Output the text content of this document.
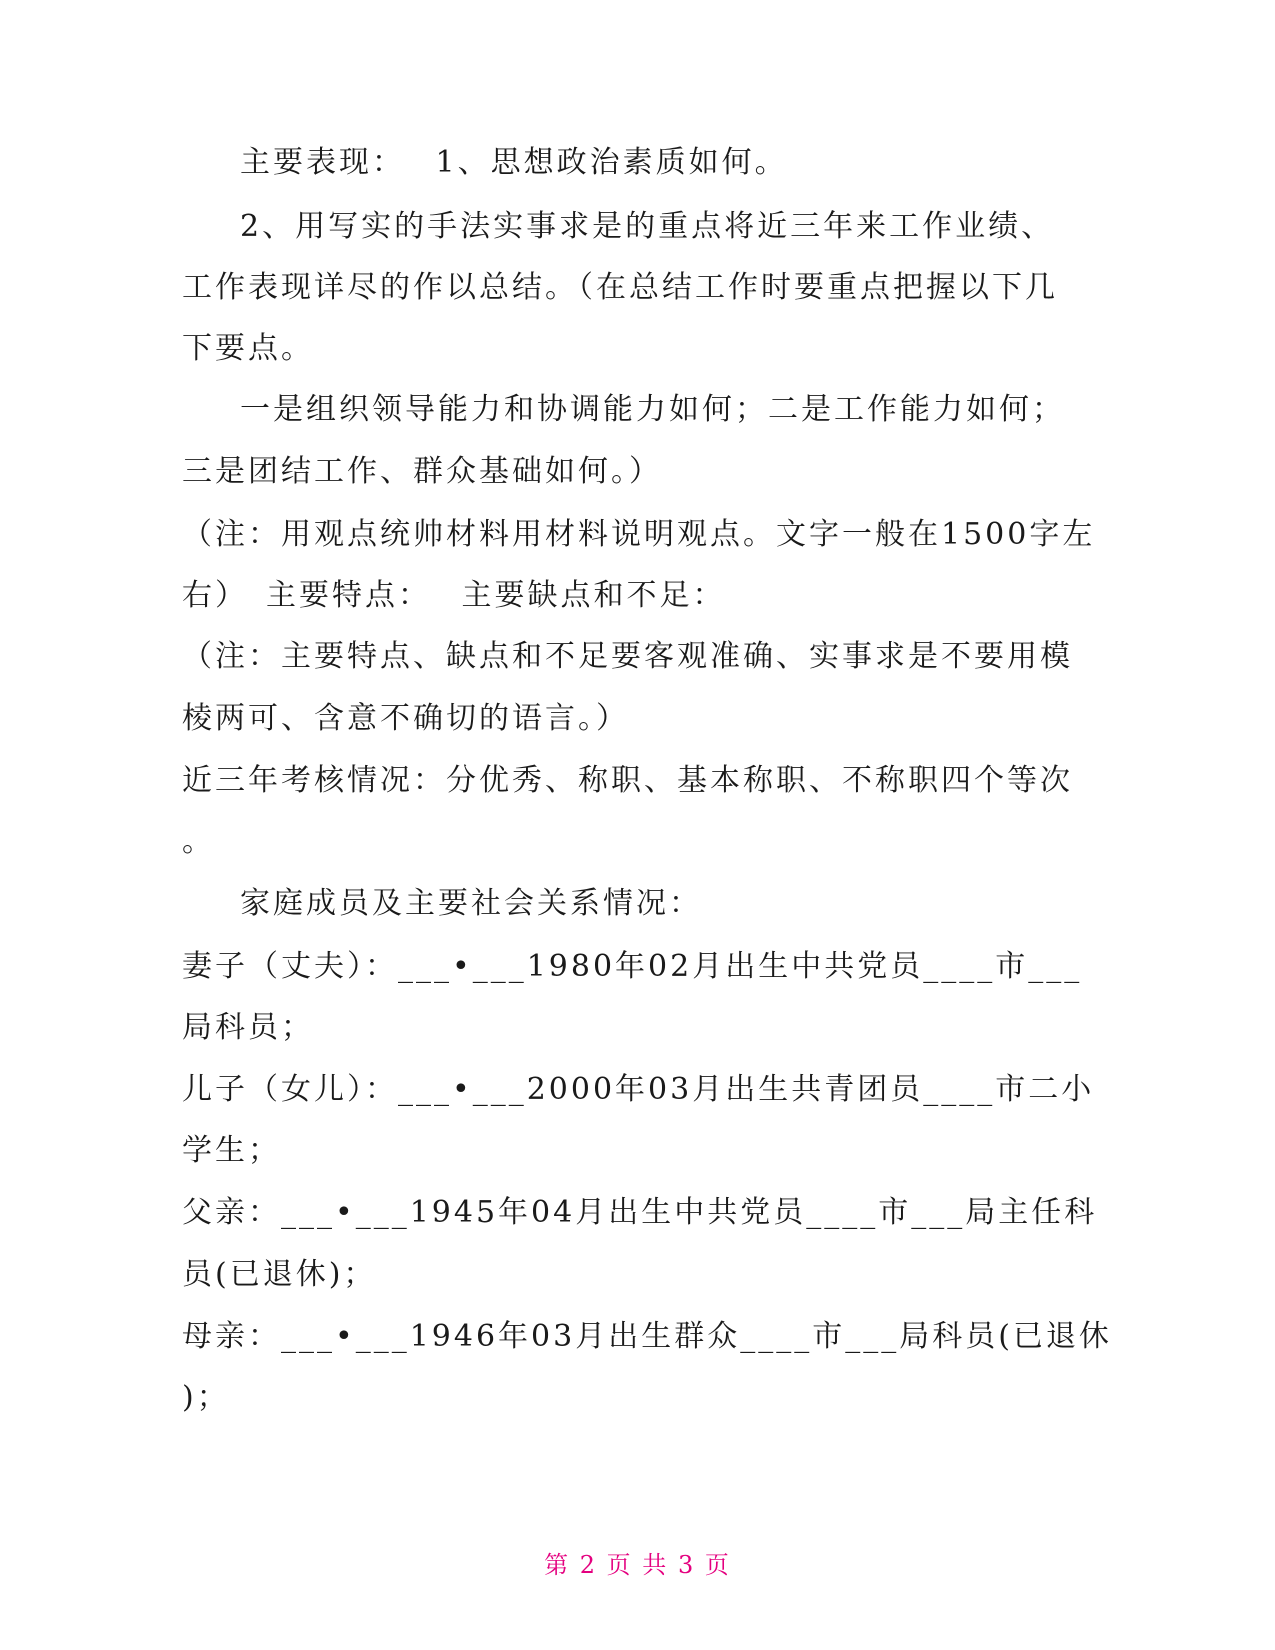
主要表现：　 1、思想政治素质如何。
2、用写实的手法实事求是的重点将近三年来工作业绩、
工作表现详尽的作以总结。（在总结工作时要重点把握以下几
下要点。
一是组织领导能力和协调能力如何；二是工作能力如何；
三是团结工作、群众基础如何。）
（注：用观点统帅材料用材料说明观点。文字一般在1500字左
右）　主要特点：　 主要缺点和不足：
（注：主要特点、缺点和不足要客观准确、实事求是不要用模
棱两可、含意不确切的语言。）
近三年考核情况：分优秀、称职、基本称职、不称职四个等次
。
家庭成员及主要社会关系情况：
妻子（丈夫）：___•___1980年02月出生中共党员____市___
局科员；
儿子（女儿）：___•___2000年03月出生共青团员____市二小
学生；
父亲：___•___1945年04月出生中共党员____市___局主任科
员(已退休)；
母亲：___•___1946年03月出生群众____市___局科员(已退休
)；
第 2 页 共 3 页
